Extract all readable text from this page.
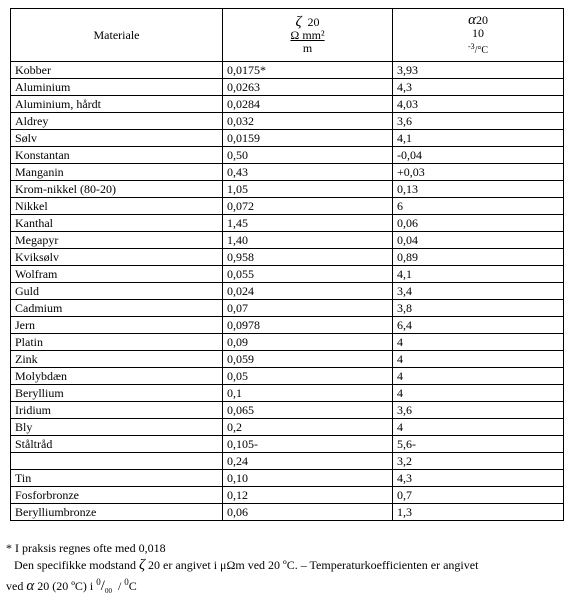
Materiale	ζ 20
Ω mm²
m	α20
10
$^{-3}$/°C
Kobber	0,0175*	3,93
Aluminium	0,0263	4,3
Aluminium, hårdt	0,0284	4,03
Aldrey	0,032	3,6
Sølv	0,0159	4,1
Konstantan	0,50	-0,04
Manganin	0,43	+0,03
Krom-nikkel (80-20)	1,05	0,13
Nikkel	0,072	6
Kanthal	1,45	0,06
Megapyr	1,40	0,04
Kviksølv	0,958	0,89
Wolfram	0,055	4,1
Guld	0,024	3,4
Cadmium	0,07	3,8
Jern	0,0978	6,4
Platin	0,09	4
Zink	0,059	4
Molybdæn	0,05	4
Beryllium	0,1	4
Iridium	0,065	3,6
Bly	0,2	4
Ståltråd	0,105-	5,6-
	0,24	3,2
Tin	0,10	4,3
Fosforbronze	0,12	0,7
Berylliumbronze	0,06	1,3

* I praksis regnes ofte med 0,018

Den specifikke modstand ζ 20 er angivet i μΩm ved 20 ºC. – Temperaturkoefficienten er angivet

ved α 20 (20 ºC) i $^0/_{00} / ^0C$
